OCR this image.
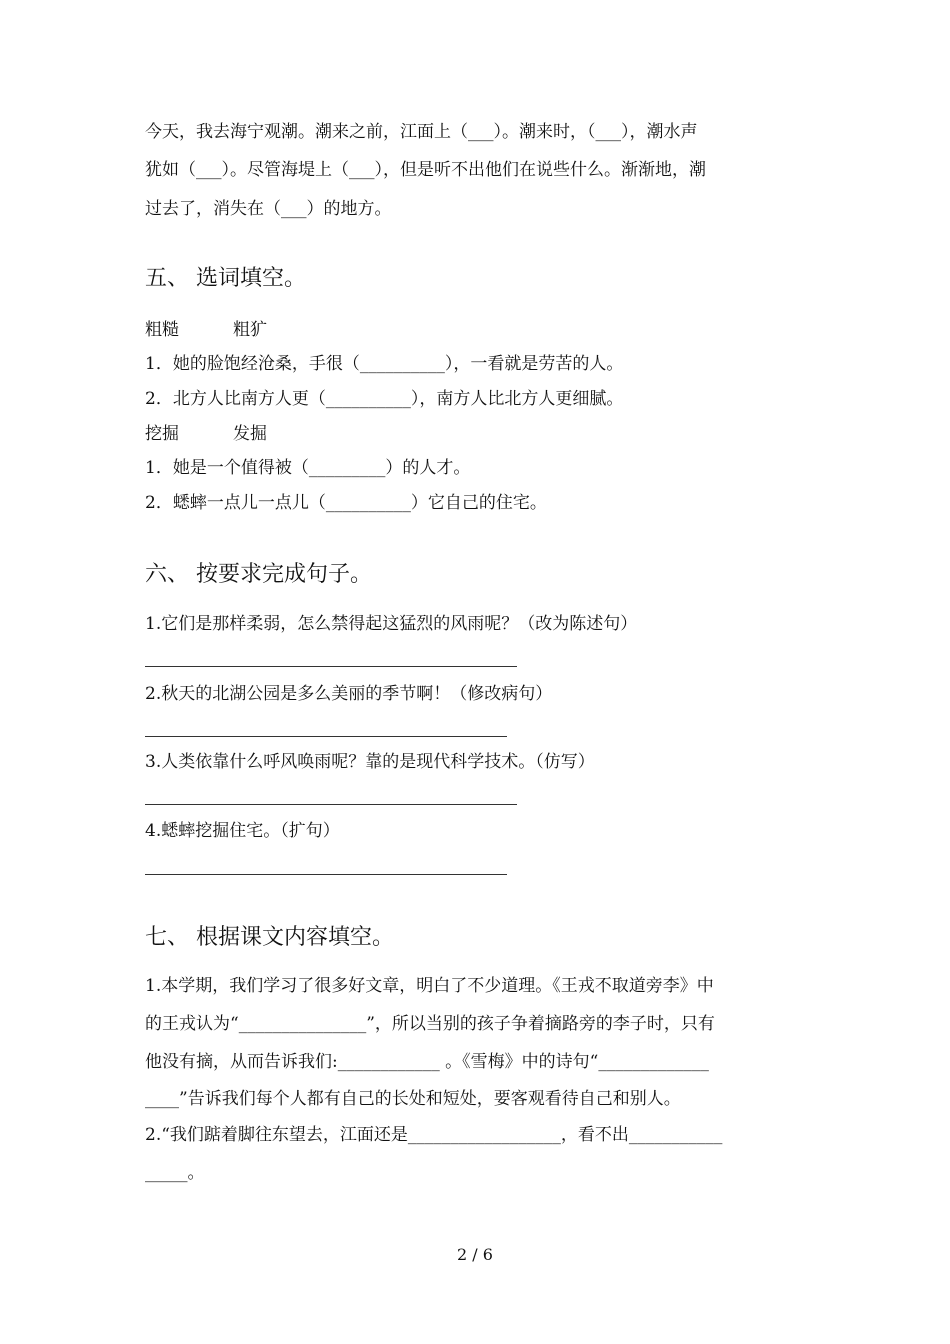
今天，我去海宁观潮。潮来之前，江面上（___）。潮来时，（___），潮水声
犹如（___）。尽管海堤上（___），但是听不出他们在说些什么。渐渐地，潮
过去了，消失在（___）的地方。
五、 选词填空。
粗糙          粗犷
1．她的脸饱经沧桑，手很（__________），一看就是劳苦的人。
2．北方人比南方人更（__________），南方人比北方人更细腻。
挖掘          发掘
1．她是一个值得被（_________）的人才。
2．蟋蟀一点儿一点儿（__________）它自己的住宅。
六、 按要求完成句子。
1.它们是那样柔弱，怎么禁得起这猛烈的风雨呢？（改为陈述句）
2.秋天的北湖公园是多么美丽的季节啊！（修改病句）
3.人类依靠什么呼风唤雨呢？靠的是现代科学技术。（仿写）
4.蟋蟀挖掘住宅。（扩句）
七、 根据课文内容填空。
1.本学期，我们学习了很多好文章，明白了不少道理。《王戎不取道旁李》中
的王戎认为“_______________”，所以当别的孩子争着摘路旁的李子时，只有
他没有摘，从而告诉我们:____________ 。《雪梅》中的诗句“_____________
____”告诉我们每个人都有自己的长处和短处，要客观看待自己和别人。
2.“我们踮着脚往东望去，江面还是__________________，看不出___________
_____。
2 / 6
